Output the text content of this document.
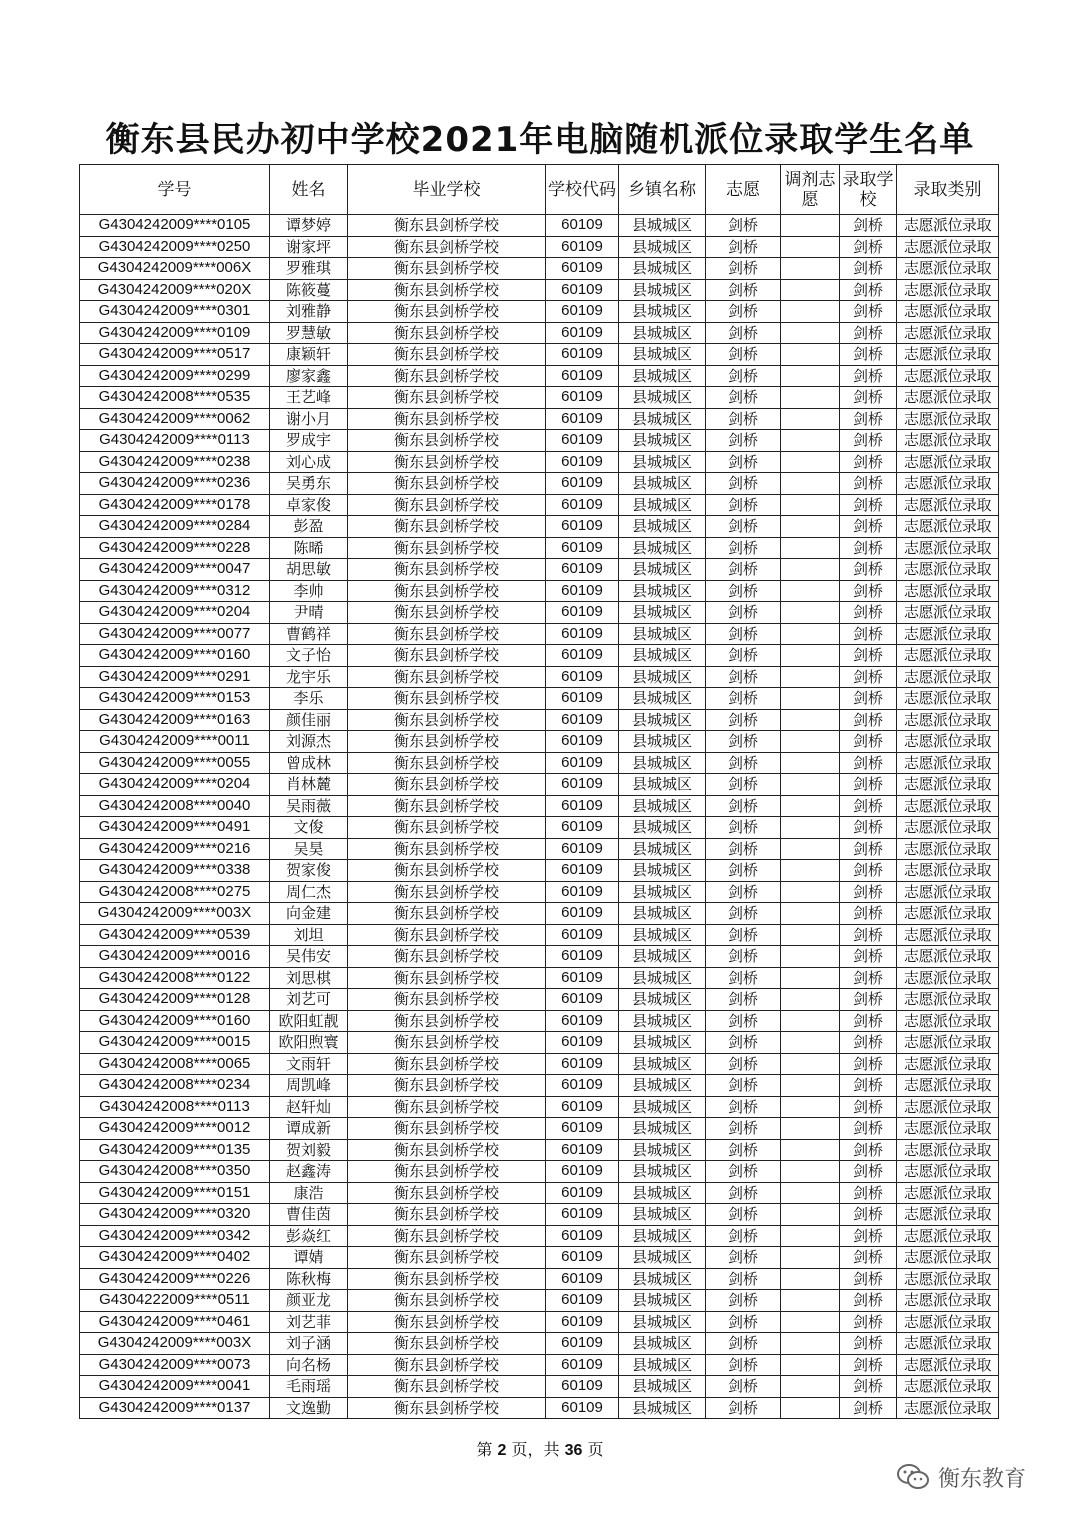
衡东县民办初中学校2021年电脑随机派位录取学生名单
学号	姓名	毕业学校	学校代码	乡镇名称	志愿	调剂志愿	录取学校	录取类别
G4304242009****0105	谭梦婷	衡东县剑桥学校	60109	县城城区	剑桥		剑桥	志愿派位录取
G4304242009****0250	谢家坪	衡东县剑桥学校	60109	县城城区	剑桥		剑桥	志愿派位录取
G4304242009****006X	罗雅琪	衡东县剑桥学校	60109	县城城区	剑桥		剑桥	志愿派位录取
G4304242009****020X	陈筱蔓	衡东县剑桥学校	60109	县城城区	剑桥		剑桥	志愿派位录取
G4304242009****0301	刘雅静	衡东县剑桥学校	60109	县城城区	剑桥		剑桥	志愿派位录取
G4304242009****0109	罗慧敏	衡东县剑桥学校	60109	县城城区	剑桥		剑桥	志愿派位录取
G4304242009****0517	康颖轩	衡东县剑桥学校	60109	县城城区	剑桥		剑桥	志愿派位录取
G4304242009****0299	廖家鑫	衡东县剑桥学校	60109	县城城区	剑桥		剑桥	志愿派位录取
G4304242008****0535	王艺峰	衡东县剑桥学校	60109	县城城区	剑桥		剑桥	志愿派位录取
G4304242009****0062	谢小月	衡东县剑桥学校	60109	县城城区	剑桥		剑桥	志愿派位录取
G4304242009****0113	罗成宇	衡东县剑桥学校	60109	县城城区	剑桥		剑桥	志愿派位录取
G4304242009****0238	刘心成	衡东县剑桥学校	60109	县城城区	剑桥		剑桥	志愿派位录取
G4304242009****0236	吴勇东	衡东县剑桥学校	60109	县城城区	剑桥		剑桥	志愿派位录取
G4304242009****0178	卓家俊	衡东县剑桥学校	60109	县城城区	剑桥		剑桥	志愿派位录取
G4304242009****0284	彭盈	衡东县剑桥学校	60109	县城城区	剑桥		剑桥	志愿派位录取
G4304242009****0228	陈晞	衡东县剑桥学校	60109	县城城区	剑桥		剑桥	志愿派位录取
G4304242009****0047	胡思敏	衡东县剑桥学校	60109	县城城区	剑桥		剑桥	志愿派位录取
G4304242009****0312	李帅	衡东县剑桥学校	60109	县城城区	剑桥		剑桥	志愿派位录取
G4304242009****0204	尹晴	衡东县剑桥学校	60109	县城城区	剑桥		剑桥	志愿派位录取
G4304242009****0077	曹鹤祥	衡东县剑桥学校	60109	县城城区	剑桥		剑桥	志愿派位录取
G4304242009****0160	文子怡	衡东县剑桥学校	60109	县城城区	剑桥		剑桥	志愿派位录取
G4304242009****0291	龙宇乐	衡东县剑桥学校	60109	县城城区	剑桥		剑桥	志愿派位录取
G4304242009****0153	李乐	衡东县剑桥学校	60109	县城城区	剑桥		剑桥	志愿派位录取
G4304242009****0163	颜佳丽	衡东县剑桥学校	60109	县城城区	剑桥		剑桥	志愿派位录取
G4304242009****0011	刘源杰	衡东县剑桥学校	60109	县城城区	剑桥		剑桥	志愿派位录取
G4304242009****0055	曾成林	衡东县剑桥学校	60109	县城城区	剑桥		剑桥	志愿派位录取
G4304242009****0204	肖林麓	衡东县剑桥学校	60109	县城城区	剑桥		剑桥	志愿派位录取
G4304242008****0040	吴雨薇	衡东县剑桥学校	60109	县城城区	剑桥		剑桥	志愿派位录取
G4304242009****0491	文俊	衡东县剑桥学校	60109	县城城区	剑桥		剑桥	志愿派位录取
G4304242009****0216	吴昊	衡东县剑桥学校	60109	县城城区	剑桥		剑桥	志愿派位录取
G4304242009****0338	贺家俊	衡东县剑桥学校	60109	县城城区	剑桥		剑桥	志愿派位录取
G4304242008****0275	周仁杰	衡东县剑桥学校	60109	县城城区	剑桥		剑桥	志愿派位录取
G4304242009****003X	向金建	衡东县剑桥学校	60109	县城城区	剑桥		剑桥	志愿派位录取
G4304242009****0539	刘坦	衡东县剑桥学校	60109	县城城区	剑桥		剑桥	志愿派位录取
G4304242009****0016	吴伟安	衡东县剑桥学校	60109	县城城区	剑桥		剑桥	志愿派位录取
G4304242008****0122	刘思棋	衡东县剑桥学校	60109	县城城区	剑桥		剑桥	志愿派位录取
G4304242009****0128	刘艺可	衡东县剑桥学校	60109	县城城区	剑桥		剑桥	志愿派位录取
G4304242009****0160	欧阳虹靓	衡东县剑桥学校	60109	县城城区	剑桥		剑桥	志愿派位录取
G4304242009****0015	欧阳煦寰	衡东县剑桥学校	60109	县城城区	剑桥		剑桥	志愿派位录取
G4304242008****0065	文雨轩	衡东县剑桥学校	60109	县城城区	剑桥		剑桥	志愿派位录取
G4304242008****0234	周凯峰	衡东县剑桥学校	60109	县城城区	剑桥		剑桥	志愿派位录取
G4304242008****0113	赵轩灿	衡东县剑桥学校	60109	县城城区	剑桥		剑桥	志愿派位录取
G4304242009****0012	谭成新	衡东县剑桥学校	60109	县城城区	剑桥		剑桥	志愿派位录取
G4304242009****0135	贺刘毅	衡东县剑桥学校	60109	县城城区	剑桥		剑桥	志愿派位录取
G4304242008****0350	赵鑫涛	衡东县剑桥学校	60109	县城城区	剑桥		剑桥	志愿派位录取
G4304242009****0151	康浩	衡东县剑桥学校	60109	县城城区	剑桥		剑桥	志愿派位录取
G4304242009****0320	曹佳茵	衡东县剑桥学校	60109	县城城区	剑桥		剑桥	志愿派位录取
G4304242009****0342	彭焱红	衡东县剑桥学校	60109	县城城区	剑桥		剑桥	志愿派位录取
G4304242009****0402	谭婧	衡东县剑桥学校	60109	县城城区	剑桥		剑桥	志愿派位录取
G4304242009****0226	陈秋梅	衡东县剑桥学校	60109	县城城区	剑桥		剑桥	志愿派位录取
G4304222009****0511	颜亚龙	衡东县剑桥学校	60109	县城城区	剑桥		剑桥	志愿派位录取
G4304242009****0461	刘艺菲	衡东县剑桥学校	60109	县城城区	剑桥		剑桥	志愿派位录取
G4304242009****003X	刘子涵	衡东县剑桥学校	60109	县城城区	剑桥		剑桥	志愿派位录取
G4304242009****0073	向名杨	衡东县剑桥学校	60109	县城城区	剑桥		剑桥	志愿派位录取
G4304242009****0041	毛雨瑶	衡东县剑桥学校	60109	县城城区	剑桥		剑桥	志愿派位录取
G4304242009****0137	文逸勤	衡东县剑桥学校	60109	县城城区	剑桥		剑桥	志愿派位录取
第 2 页，共 36 页
衡东教育
